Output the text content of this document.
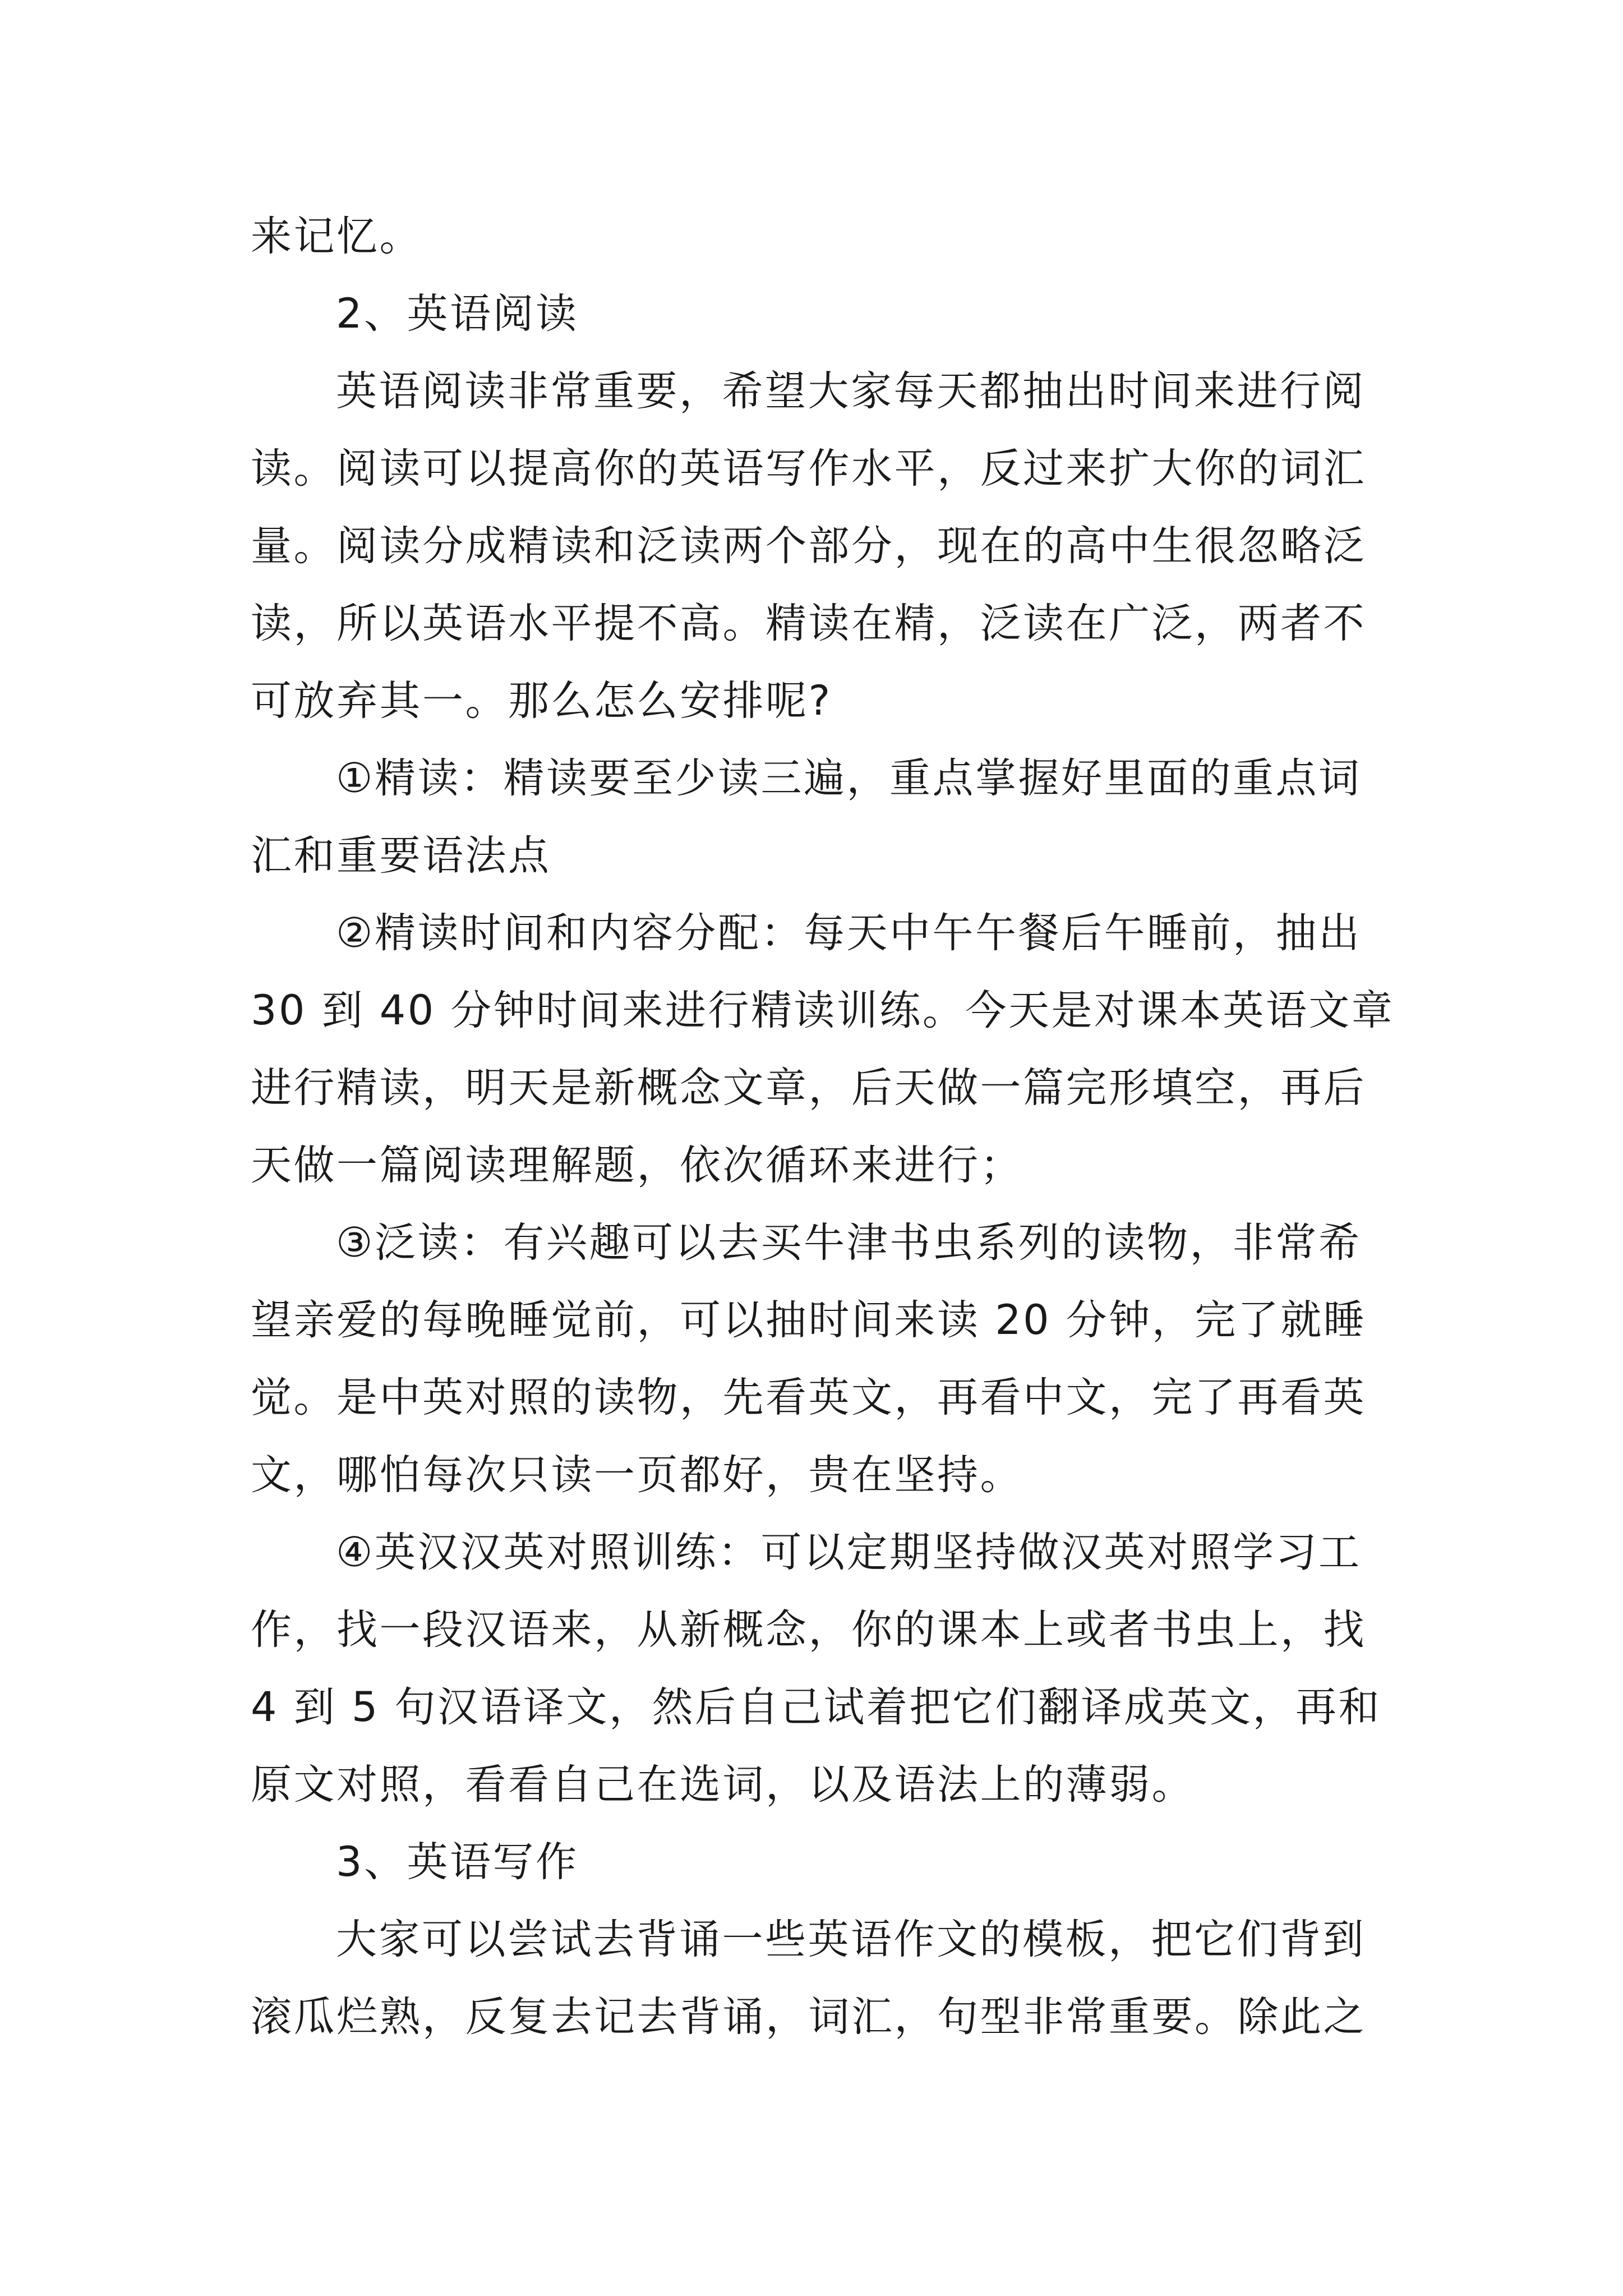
来记忆。
2、英语阅读
英语阅读非常重要，希望大家每天都抽出时间来进行阅
读。阅读可以提高你的英语写作水平，反过来扩大你的词汇
量。阅读分成精读和泛读两个部分，现在的高中生很忽略泛
读，所以英语水平提不高。精读在精，泛读在广泛，两者不
可放弃其一。那么怎么安排呢?
①精读：精读要至少读三遍，重点掌握好里面的重点词
汇和重要语法点
②精读时间和内容分配：每天中午午餐后午睡前，抽出
30 到 40 分钟时间来进行精读训练。今天是对课本英语文章
进行精读，明天是新概念文章，后天做一篇完形填空，再后
天做一篇阅读理解题，依次循环来进行；
③泛读：有兴趣可以去买牛津书虫系列的读物，非常希
望亲爱的每晚睡觉前，可以抽时间来读 20 分钟，完了就睡
觉。是中英对照的读物，先看英文，再看中文，完了再看英
文，哪怕每次只读一页都好，贵在坚持。
④英汉汉英对照训练：可以定期坚持做汉英对照学习工
作，找一段汉语来，从新概念，你的课本上或者书虫上，找
4 到 5 句汉语译文，然后自己试着把它们翻译成英文，再和
原文对照，看看自己在选词，以及语法上的薄弱。
3、英语写作
大家可以尝试去背诵一些英语作文的模板，把它们背到
滚瓜烂熟，反复去记去背诵，词汇，句型非常重要。除此之
